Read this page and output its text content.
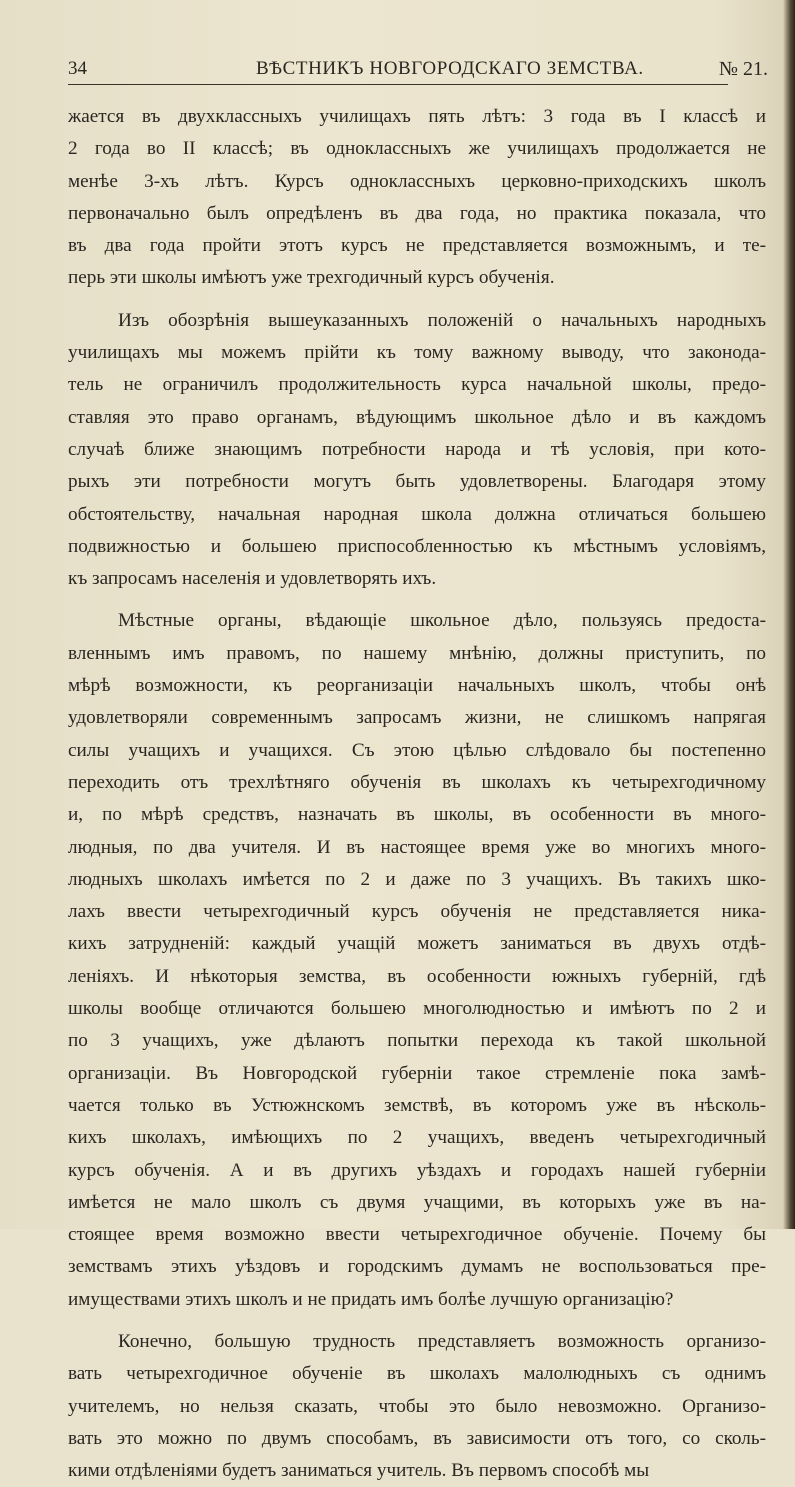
34	ВѢСТНИКЪ НОВГОРОДСКАГО ЗЕМСТВА.	№ 21.
жается въ двухклассныхъ училищахъ пять лѣтъ: 3 года въ I классѣ и
2 года во II классѣ; въ одноклассныхъ же училищахъ продолжается не
менѣе 3-хъ лѣтъ. Курсъ одноклассныхъ церковно-приходскихъ школъ
первоначально былъ опредѣленъ въ два года, но практика показала, что
въ два года пройти этотъ курсъ не представляется возможнымъ, и те-
перь эти школы имѣютъ уже трехгодичный курсъ обученія.
Изъ обозрѣнія вышеуказанныхъ положеній о начальныхъ народныхъ
училищахъ мы можемъ прійти къ тому важному выводу, что законода-
тель не ограничилъ продолжительность курса начальной школы, предо-
ставляя это право органамъ, вѣдующимъ школьное дѣло и въ каждомъ
случаѣ ближе знающимъ потребности народа и тѣ условія, при кото-
рыхъ эти потребности могутъ быть удовлетворены. Благодаря этому
обстоятельству, начальная народная школа должна отличаться большею
подвижностью и большею приспособленностью къ мѣстнымъ условіямъ,
къ запросамъ населенія и удовлетворять ихъ.
Мѣстные органы, вѣдающіе школьное дѣло, пользуясь предоста-
вленнымъ имъ правомъ, по нашему мнѣнію, должны приступить, по
мѣрѣ возможности, къ реорганизаціи начальныхъ школъ, чтобы онѣ
удовлетворяли современнымъ запросамъ жизни, не слишкомъ напрягая
силы учащихъ и учащихся. Съ этою цѣлью слѣдовало бы постепенно
переходить отъ трехлѣтняго обученія въ школахъ къ четырехгодичному
и, по мѣрѣ средствъ, назначать въ школы, въ особенности въ много-
людныя, по два учителя. И въ настоящее время уже во многихъ много-
людныхъ школахъ имѣется по 2 и даже по 3 учащихъ. Въ такихъ шко-
лахъ ввести четырехгодичный курсъ обученія не представляется ника-
кихъ затрудненій: каждый учащій можетъ заниматься въ двухъ отдѣ-
леніяхъ. И нѣкоторыя земства, въ особенности южныхъ губерній, гдѣ
школы вообще отличаются большею многолюдностью и имѣютъ по 2 и
по 3 учащихъ, уже дѣлаютъ попытки перехода къ такой школьной
организаціи. Въ Новгородской губерніи такое стремленіе пока замѣ-
чается только въ Устюжнскомъ земствѣ, въ которомъ уже въ нѣсколь-
кихъ школахъ, имѣющихъ по 2 учащихъ, введенъ четырехгодичный
курсъ обученія. А и въ другихъ уѣздахъ и городахъ нашей губерніи
имѣется не мало школъ съ двумя учащими, въ которыхъ уже въ на-
стоящее время возможно ввести четырехгодичное обученіе. Почему бы
земствамъ этихъ уѣздовъ и городскимъ думамъ не воспользоваться пре-
имуществами этихъ школъ и не придать имъ болѣе лучшую организацію?
Конечно, большую трудность представляетъ возможность организо-
вать четырехгодичное обученіе въ школахъ малолюдныхъ съ однимъ
учителемъ, но нельзя сказать, чтобы это было невозможно. Организо-
вать это можно по двумъ способамъ, въ зависимости отъ того, со сколь-
кими отдѣленіями будетъ заниматься учитель. Въ первомъ способѣ мы
